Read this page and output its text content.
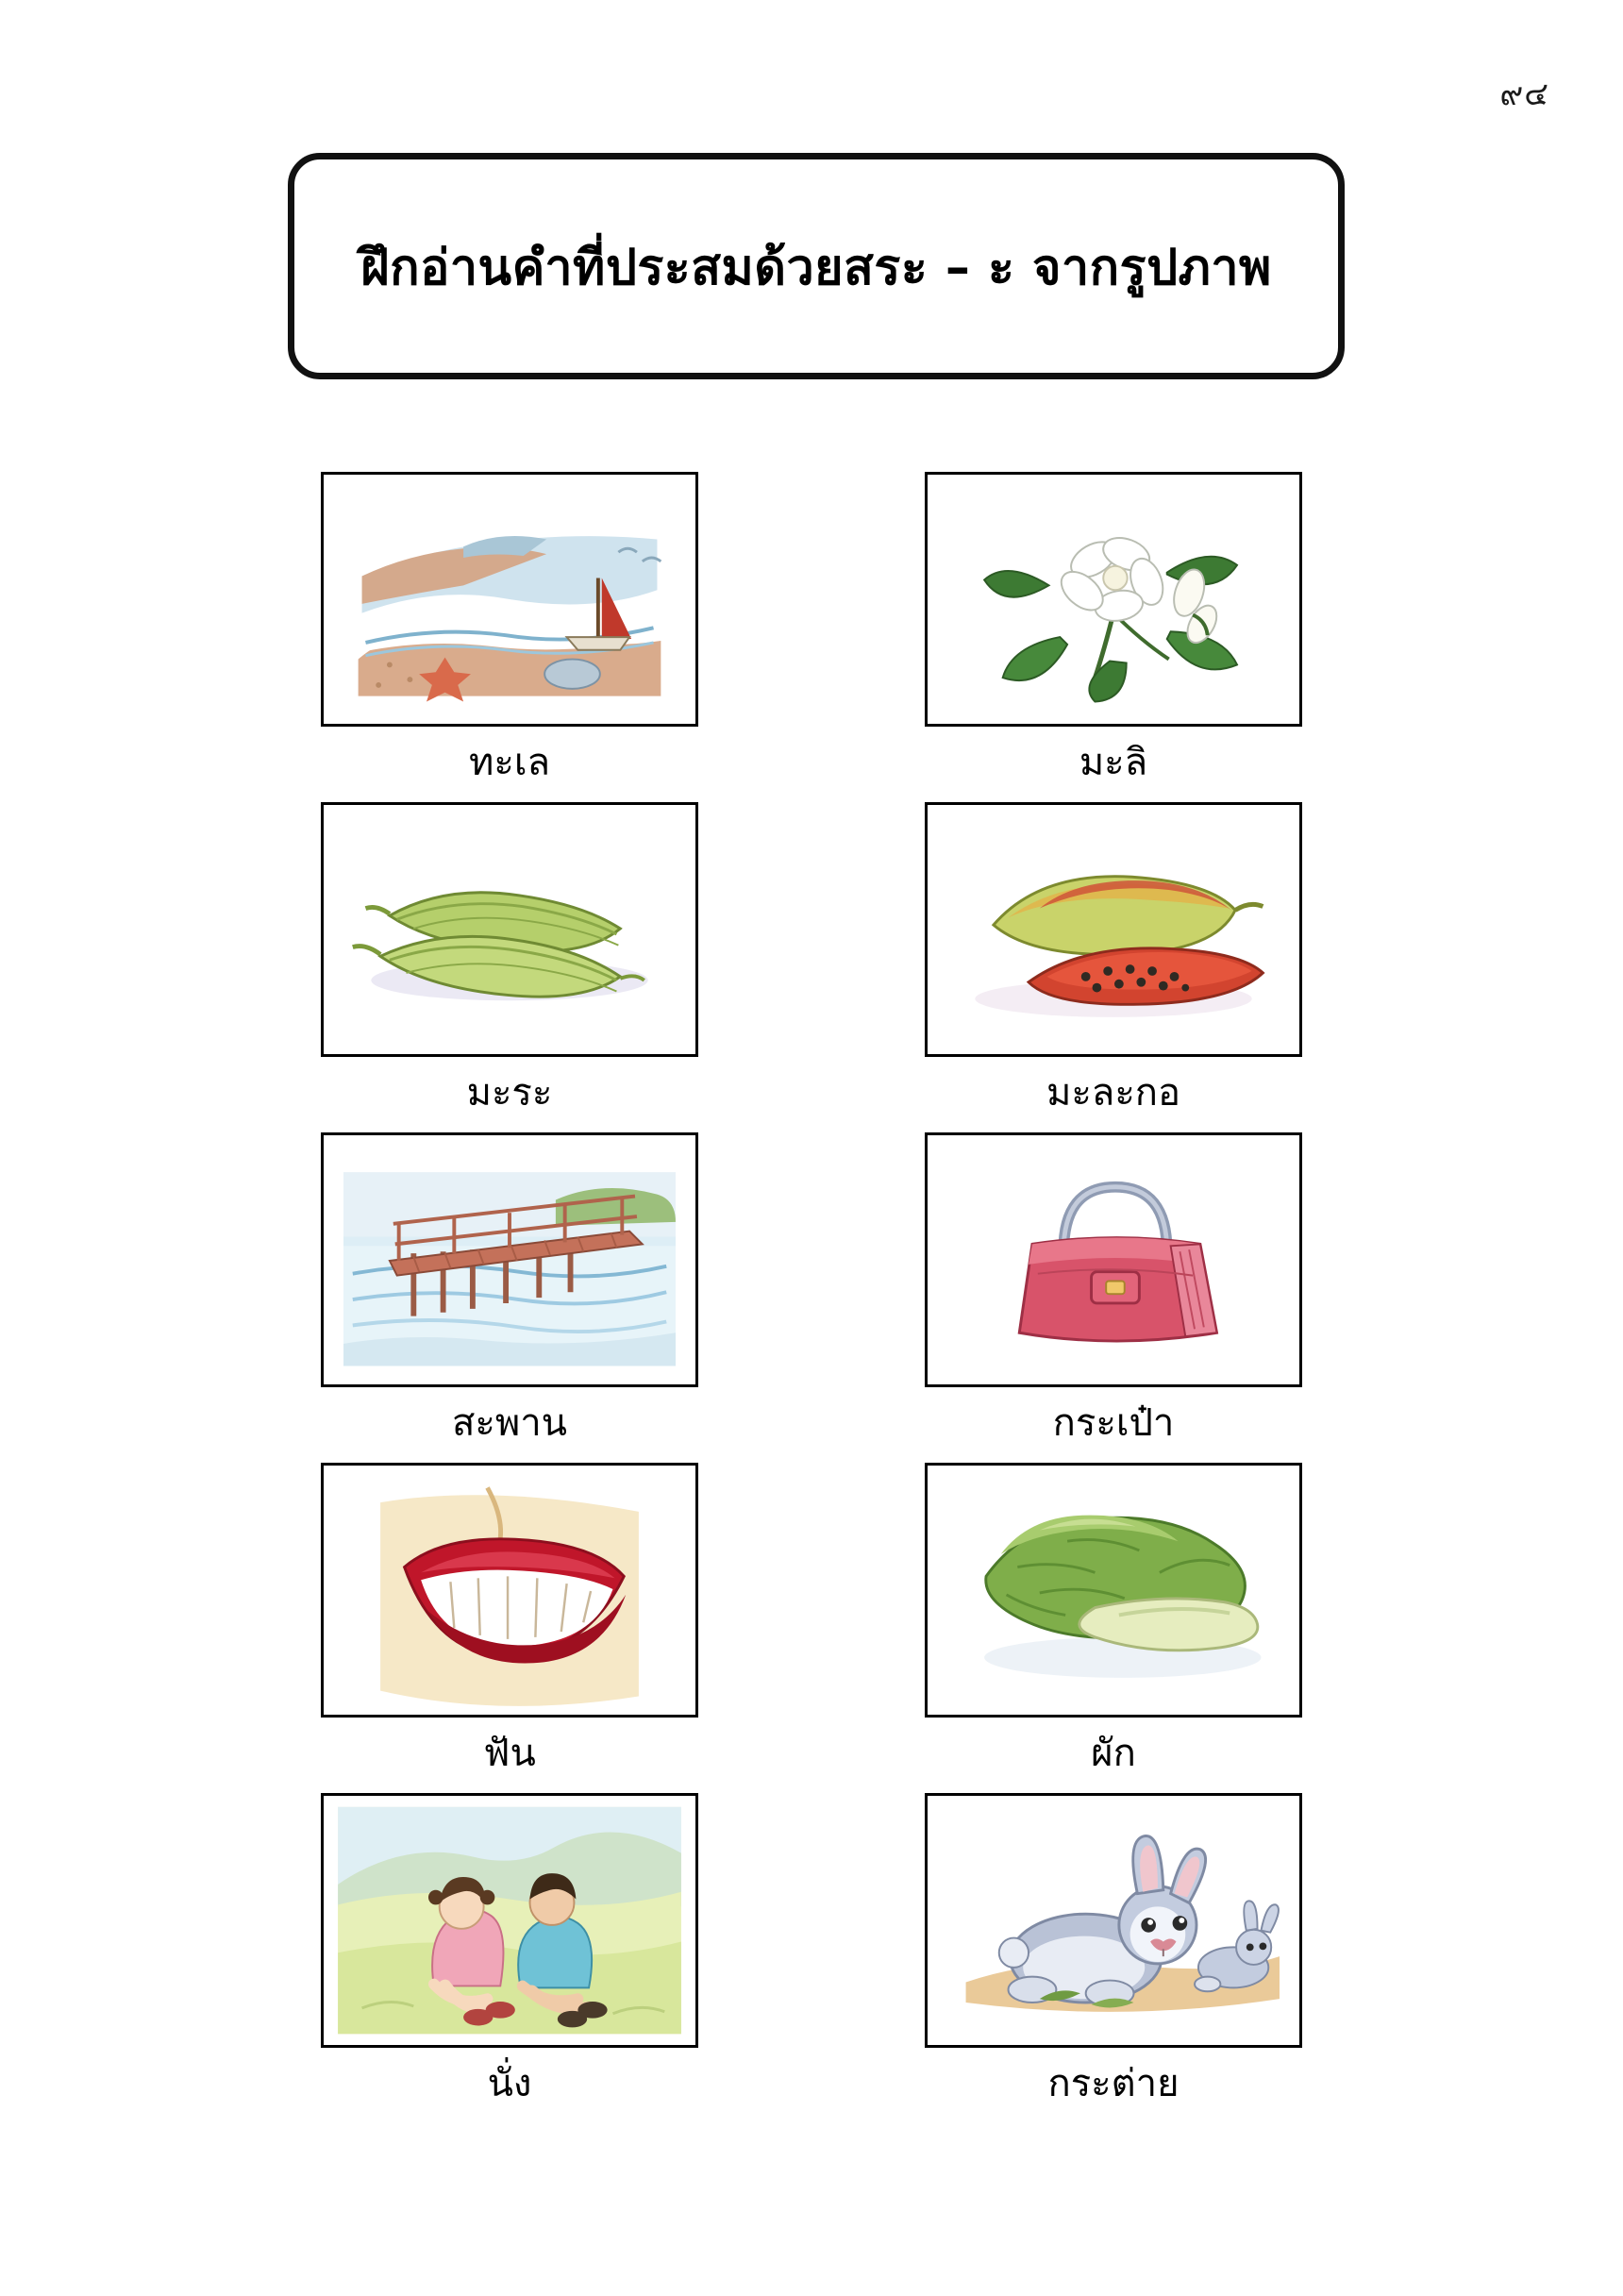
๙๔
ฝึกอ่านคำที่ประสมด้วยสระ – ะ จากรูปภาพ
ทะเล	มะลิ
มะระ	มะละกอ
สะพาน	กระเป๋า
ฟัน	ผัก
นั่ง	กระต่าย
